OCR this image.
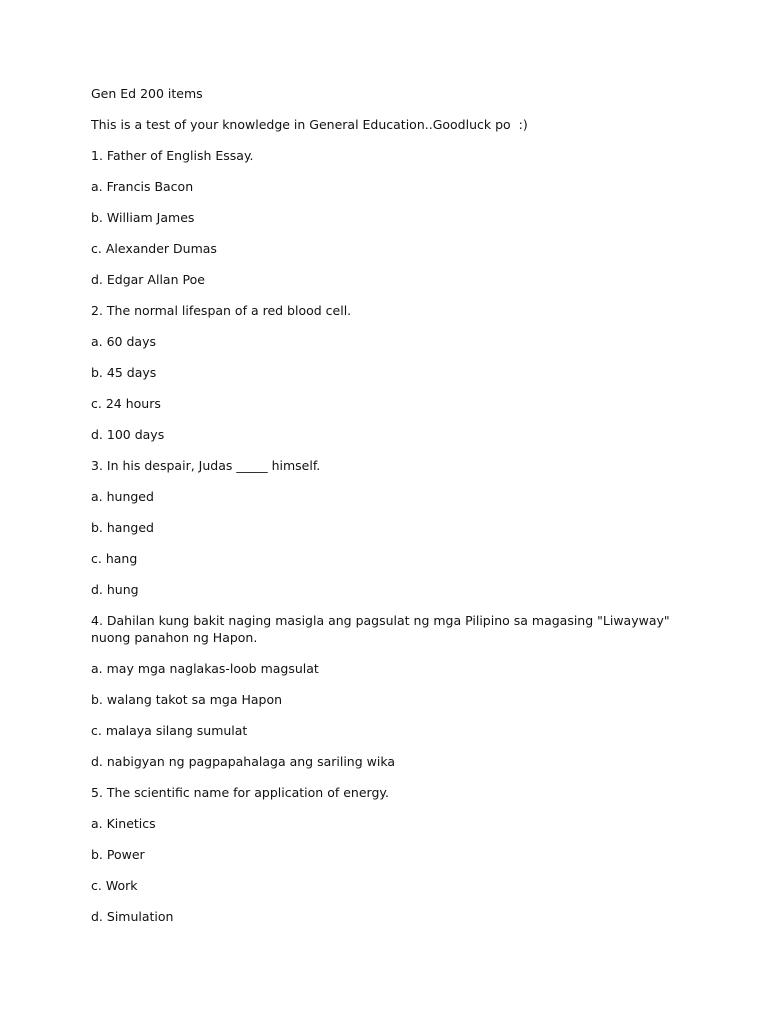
Gen Ed 200 items
This is a test of your knowledge in General Education..Goodluck po  :)
1. Father of English Essay.
a. Francis Bacon
b. William James
c. Alexander Dumas
d. Edgar Allan Poe
2. The normal lifespan of a red blood cell.
a. 60 days
b. 45 days
c. 24 hours
d. 100 days
3. In his despair, Judas _____ himself.
a. hunged
b. hanged
c. hang
d. hung
4. Dahilan kung bakit naging masigla ang pagsulat ng mga Pilipino sa magasing "Liwayway" nuong panahon ng Hapon.
a. may mga naglakas-loob magsulat
b. walang takot sa mga Hapon
c. malaya silang sumulat
d. nabigyan ng pagpapahalaga ang sariling wika
5. The scientific name for application of energy.
a. Kinetics
b. Power
c. Work
d. Simulation
